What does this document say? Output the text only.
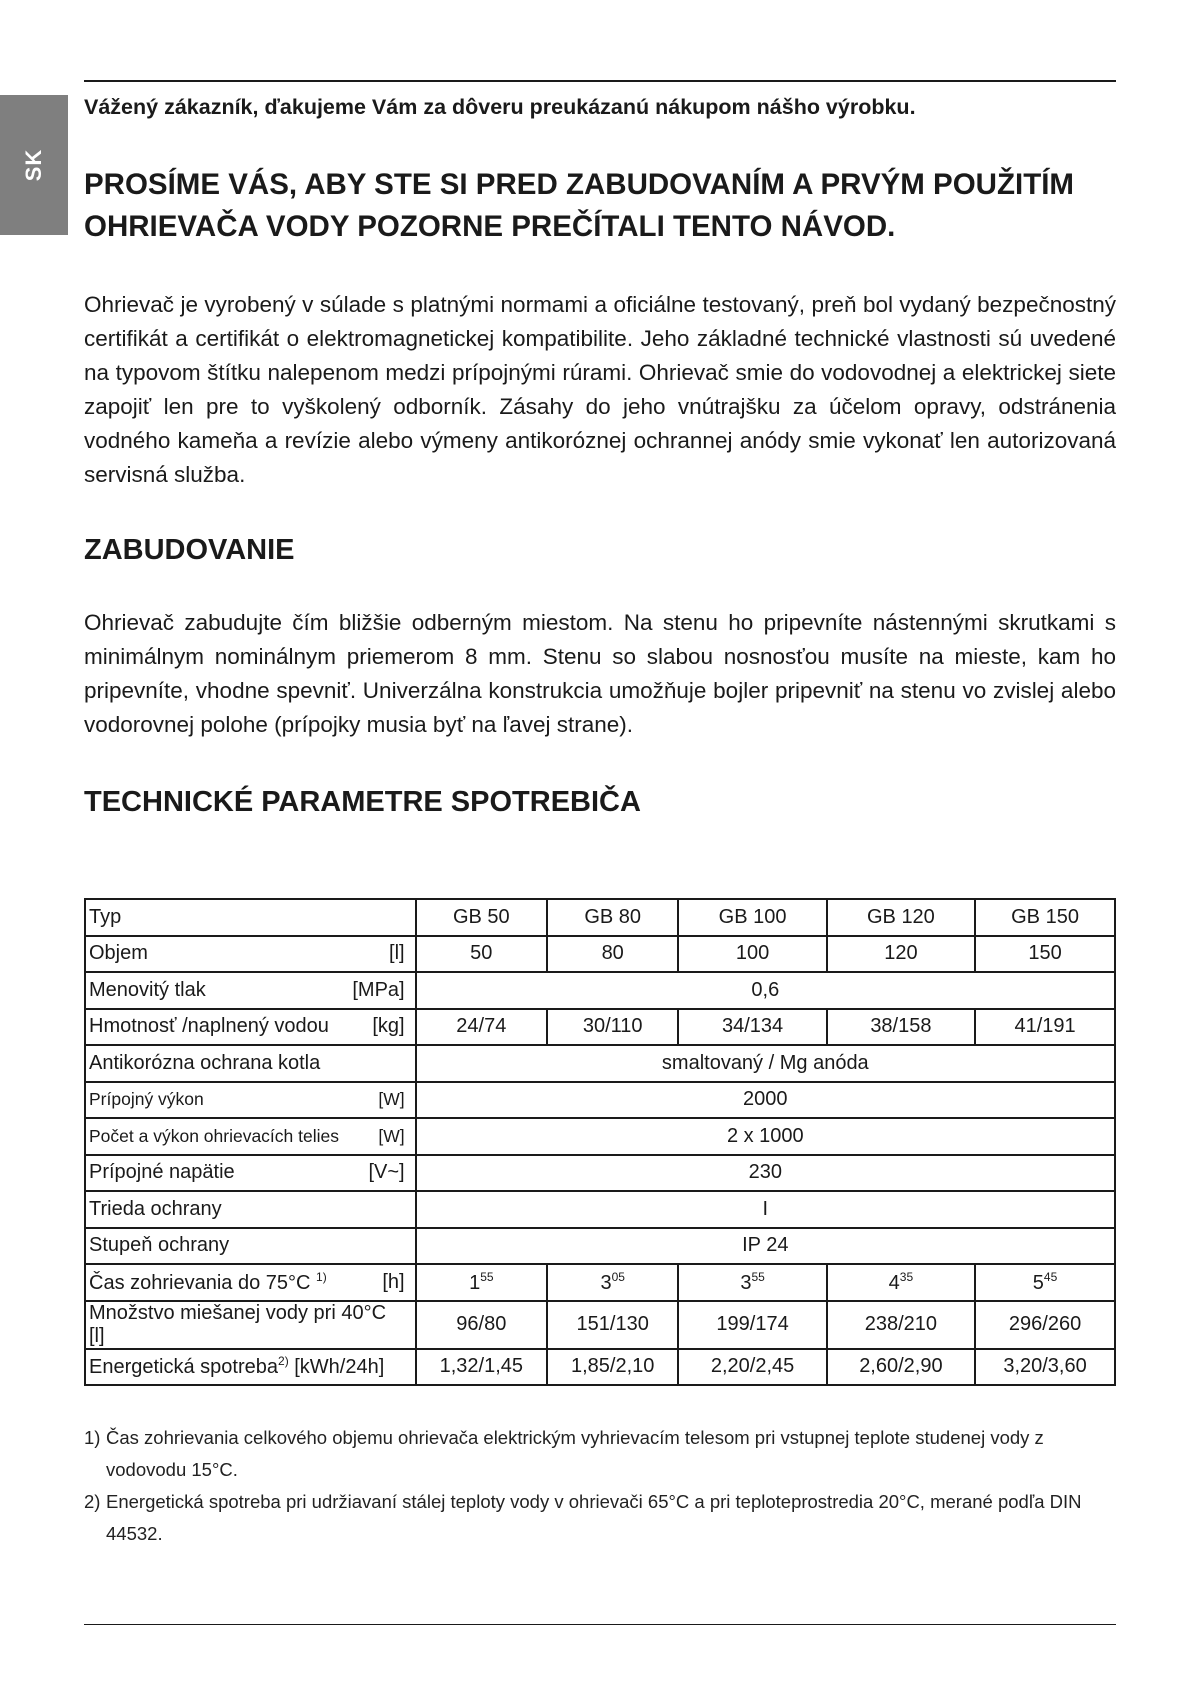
SK

Vážený zákazník, ďakujeme Vám za dôveru preukázanú nákupom nášho výrobku.

PROSÍME VÁS, ABY STE SI PRED ZABUDOVANÍM A PRVÝM POUŽITÍM
OHRIEVAČA VODY POZORNE PREČÍTALI TENTO NÁVOD.

Ohrievač je vyrobený v súlade s platnými normami a oficiálne testovaný, preň bol vydaný bezpečnostný certifikát a certifikát o elektromagnetickej kompatibilite. Jeho základné technické vlastnosti sú uvedené na typovom štítku nalepenom medzi prípojnými rúrami. Ohrievač smie do vodovodnej a elektrickej siete zapojiť len pre to vyškolený odborník. Zásahy do jeho vnútrajšku za účelom opravy, odstránenia vodného kameňa a revízie alebo výmeny antikoróznej ochrannej anódy smie vykonať len autorizovaná servisná služba.

ZABUDOVANIE

Ohrievač zabudujte čím bližšie odberným miestom. Na stenu ho pripevníte nástennými skrutkami s minimálnym nominálnym priemerom 8 mm. Stenu so slabou nosnosťou musíte na mieste, kam ho pripevníte, vhodne spevniť. Univerzálna konstrukcia umožňuje bojler pripevniť na stenu vo zvislej alebo vodorovnej polohe (prípojky musia byť na ľavej strane).

TECHNICKÉ PARAMETRE SPOTREBIČA
Typ	GB 50	GB 80	GB 100	GB 120	GB 150

Objem [l]	50	80	100	120	150

Menovitý tlak [MPa]	0,6				

Hmotnosť /naplnený vodou [kg]	24/74	30/110	34/134	38/158	41/191
Antikorózna ochrana kotla	smaltovaný / Mg anóda				

Prípojný výkon [W]	2000				

Počet a výkon ohrievacích telies [W]	2 x 1000				

Prípojné napätie [V~]	230				
Trieda ochrany	I				
Stupeň ochrany	IP 24				

Čas zohrievania do 75°C $^{1)}$ [h]	$1^{55}$	$3^{05}$	$3^{55}$	$4^{35}$	$5^{45}$
Množstvo miešanej vody pri 40°C [l]	96/80	151/130	199/174	238/210	296/260
Energetická spotreba$^{2)}$ [kWh/24h]	1,32/1,45	1,85/2,10	2,20/2,45	2,60/2,90	3,20/3,60
1) Čas zohrievania celkového objemu ohrievača elektrickým vyhrievacím telesom pri vstupnej teplote studenej vody z vodovodu 15°C.
2) Energetická spotreba pri udržiavaní stálej teploty vody v ohrievači 65°C a pri teploteprostredia 20°C, merané podľa DIN 44532.
